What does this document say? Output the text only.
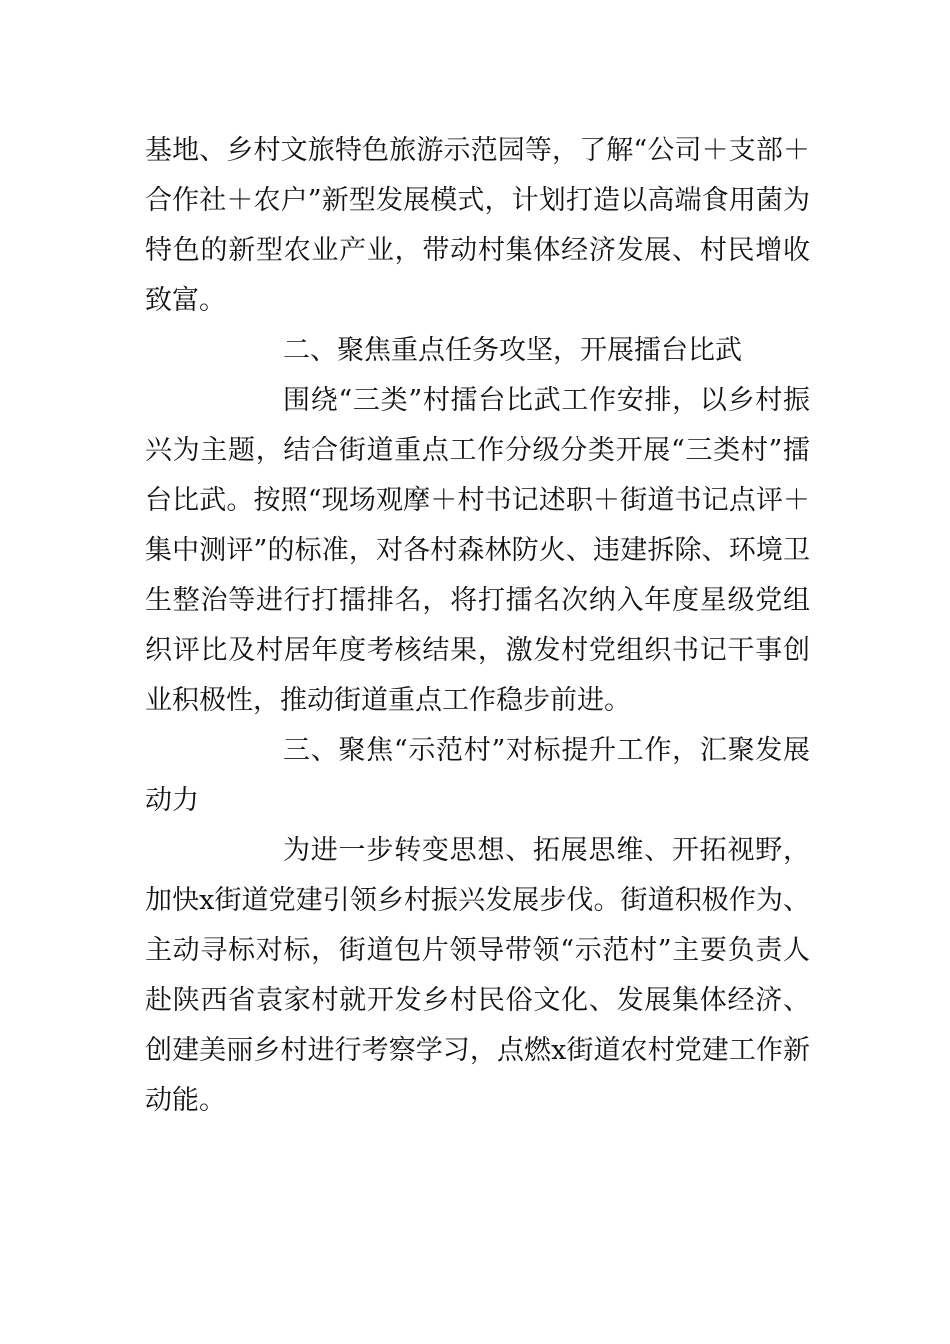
基地、乡村文旅特色旅游示范园等，了解“公司＋支部＋合作社＋农户”新型发展模式，计划打造以高端食用菌为特色的新型农业产业，带动村集体经济发展、村民增收致富。

二、聚焦重点任务攻坚，开展擂台比武

围绕“三类”村擂台比武工作安排，以乡村振兴为主题，结合街道重点工作分级分类开展“三类村”擂台比武。按照“现场观摩＋村书记述职＋街道书记点评＋集中测评”的标准，对各村森林防火、违建拆除、环境卫生整治等进行打擂排名，将打擂名次纳入年度星级党组织评比及村居年度考核结果，激发村党组织书记干事创业积极性，推动街道重点工作稳步前进。

三、聚焦“示范村”对标提升工作，汇聚发展动力

为进一步转变思想、拓展思维、开拓视野，加快x街道党建引领乡村振兴发展步伐。街道积极作为、主动寻标对标，街道包片领导带领“示范村”主要负责人赴陕西省袁家村就开发乡村民俗文化、发展集体经济、创建美丽乡村进行考察学习，点燃x街道农村党建工作新动能。
